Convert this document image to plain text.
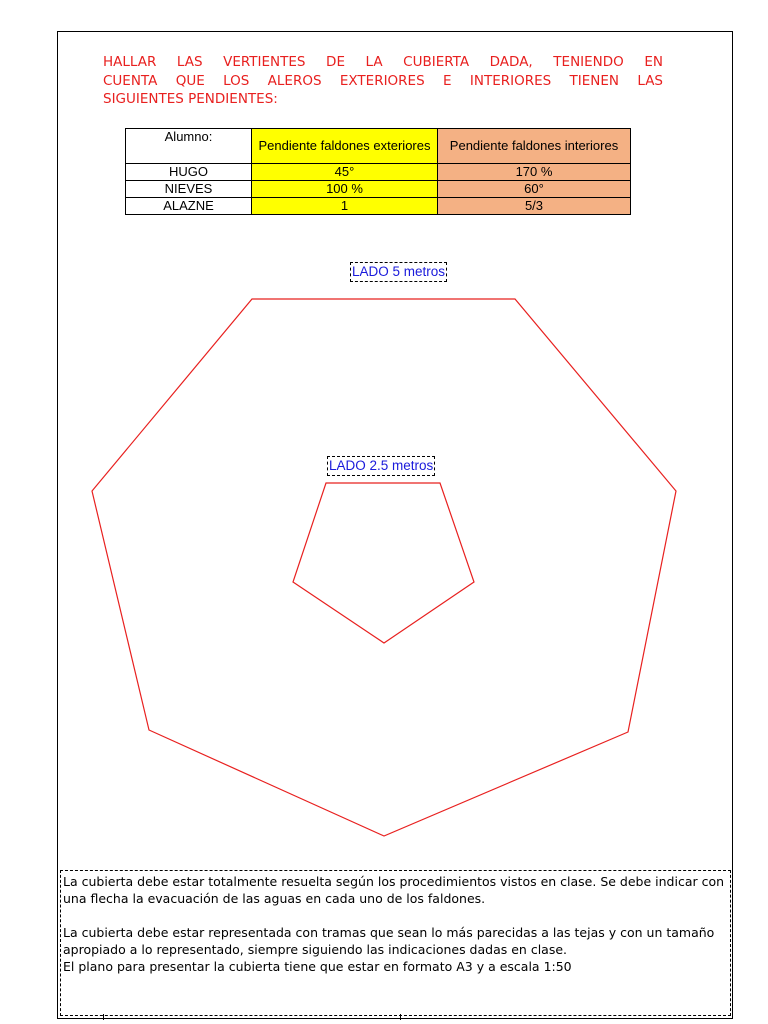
HALLAR LAS VERTIENTES DE LA CUBIERTA DADA, TENIENDO EN
CUENTA QUE LOS ALEROS EXTERIORES E INTERIORES TIENEN LAS
SIGUIENTES PENDIENTES:
Alumno:	Pendiente faldones exteriores	Pendiente faldones interiores
HUGO	45°	170 %
NIEVES	100 %	60°
ALAZNE	1	5/3
LADO 5 metros
LADO 2.5 metros

La cubierta debe estar totalmente resuelta según los procedimientos vistos en clase. Se debe indicar con una flecha la evacuación de las aguas en cada uno de los faldones.

La cubierta debe estar representada con tramas que sean lo más parecidas a las tejas y con un tamaño apropiado a lo representado, siempre siguiendo las indicaciones dadas en clase.

El plano para presentar la cubierta tiene que estar en formato A3 y a escala 1:50
